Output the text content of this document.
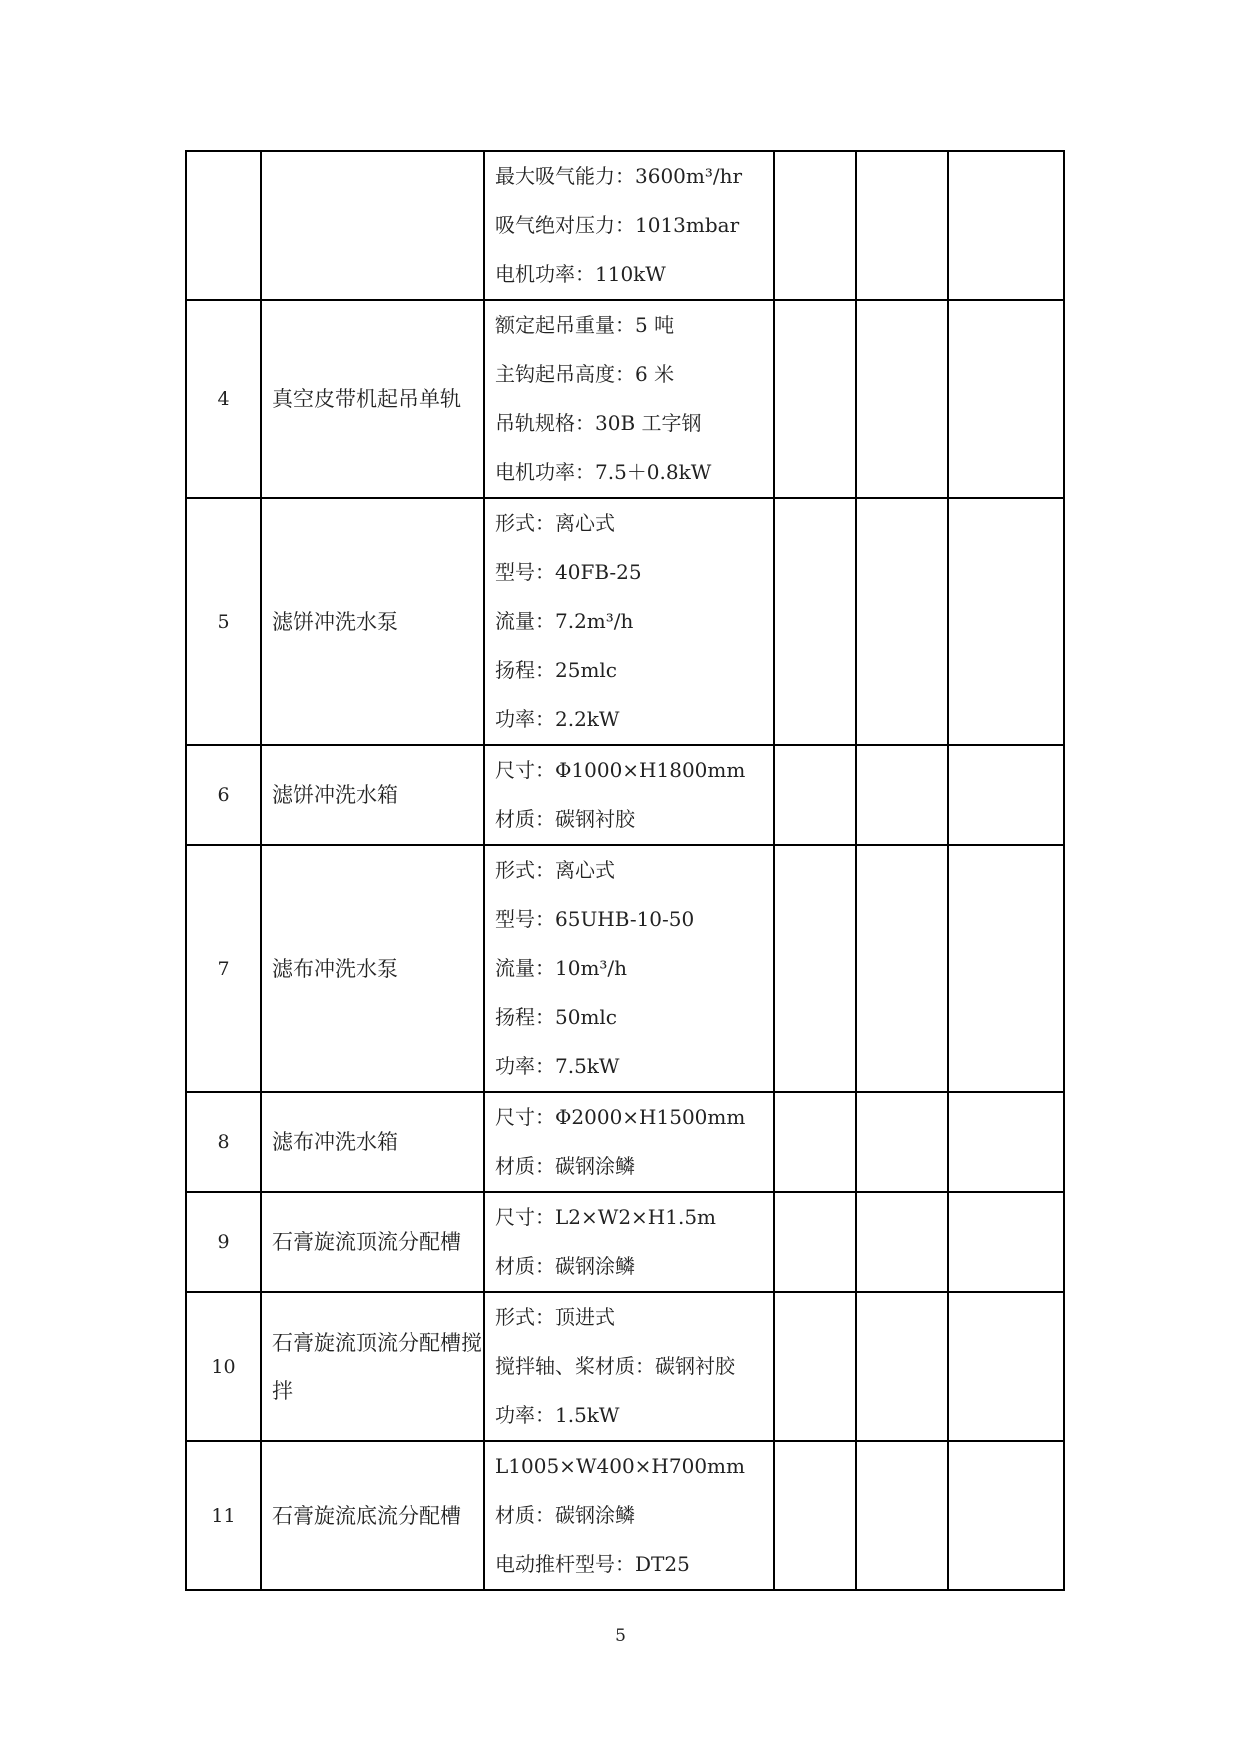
		最大吸气能力：3600m³/hr
吸气绝对压力：1013mbar
电机功率：110kW			

4	真空皮带机起吊单轨	额定起吊重量：5 吨
主钩起吊高度：6 米
吊轨规格：30B 工字钢
电机功率：7.5＋0.8kW			

5	滤饼冲洗水泵	形式：离心式
型号：40FB-25
流量：7.2m³/h
扬程：25mlc
功率：2.2kW			

6	滤饼冲洗水箱	尺寸：Φ1000×H1800mm
材质：碳钢衬胶			

7	滤布冲洗水泵	形式：离心式
型号：65UHB-10-50
流量：10m³/h
扬程：50mlc
功率：7.5kW			

8	滤布冲洗水箱	尺寸：Φ2000×H1500mm
材质：碳钢涂鳞			

9	石膏旋流顶流分配槽	尺寸：L2×W2×H1.5m
材质：碳钢涂鳞			

10	石膏旋流顶流分配槽搅拌	形式：顶进式
搅拌轴、桨材质：碳钢衬胶
功率：1.5kW			

11	石膏旋流底流分配槽	L1005×W400×H700mm
材质：碳钢涂鳞
电动推杆型号：DT25			

5
